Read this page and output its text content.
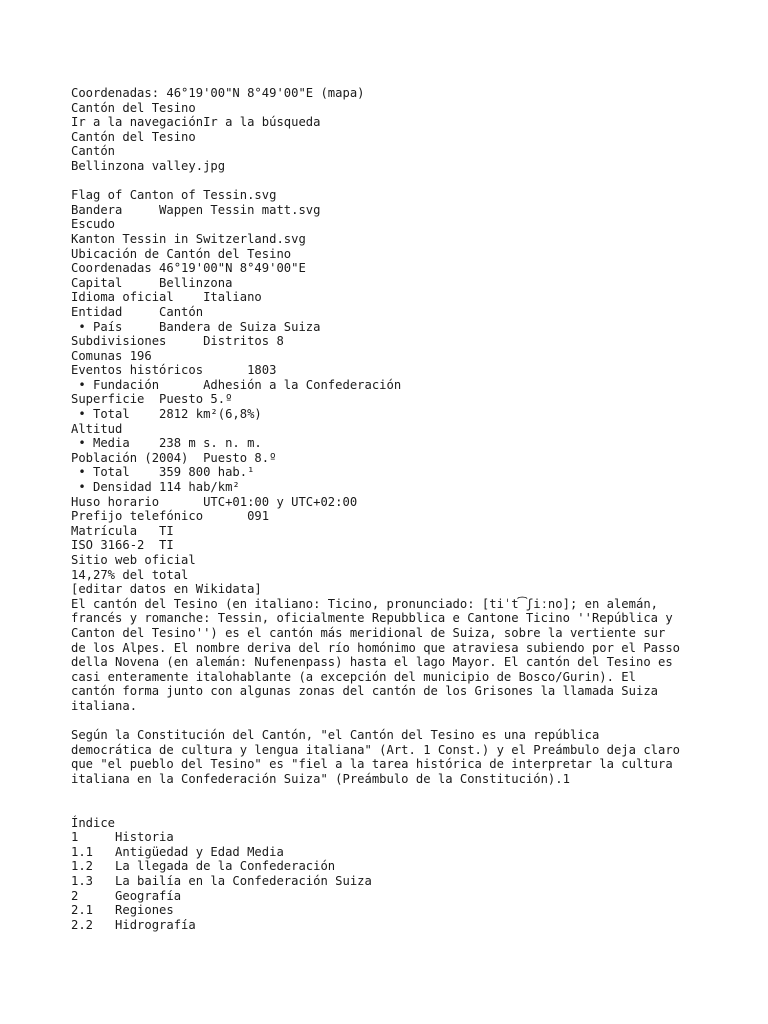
Coordenadas: 46°19'00"N 8°49'00"E (mapa)
Cantón del Tesino
Ir a la navegaciónIr a la búsqueda
Cantón del Tesino
Cantón
Bellinzona valley.jpg
Flag of Canton of Tessin.svg
Bandera     Wappen Tessin matt.svg
Escudo
Kanton Tessin in Switzerland.svg
Ubicación de Cantón del Tesino
Coordenadas 46°19'00"N 8°49'00"E
Capital     Bellinzona
Idioma oficial    Italiano
Entidad     Cantón
• País     Bandera de Suiza Suiza
Subdivisiones     Distritos 8
Comunas 196
Eventos históricos      1803
• Fundación      Adhesión a la Confederación
Superficie  Puesto 5.º
• Total    2812 km²(6,8%)
Altitud
• Media    238 m s. n. m.
Población (2004)  Puesto 8.º
• Total    359 800 hab.¹
• Densidad 114 hab/km²
Huso horario      UTC+01:00 y UTC+02:00
Prefijo telefónico      091
Matrícula   TI
ISO 3166-2  TI
Sitio web oficial
14,27% del total
[editar datos en Wikidata]
El cantón del Tesino (en italiano: Ticino, pronunciado: [tiˈt͡ʃiːno]; en alemán,
francés y romanche: Tessin, oficialmente Repubblica e Cantone Ticino ''República y
Canton del Tesino'') es el cantón más meridional de Suiza, sobre la vertiente sur
de los Alpes. El nombre deriva del río homónimo que atraviesa subiendo por el Passo
della Novena (en alemán: Nufenenpass) hasta el lago Mayor. El cantón del Tesino es
casi enteramente italohablante (a excepción del municipio de Bosco/Gurin). El
cantón forma junto con algunas zonas del cantón de los Grisones la llamada Suiza
italiana.
Según la Constitución del Cantón, "el Cantón del Tesino es una república
democrática de cultura y lengua italiana" (Art. 1 Const.) y el Preámbulo deja claro
que "el pueblo del Tesino" es "fiel a la tarea histórica de interpretar la cultura
italiana en la Confederación Suiza" (Preámbulo de la Constitución).1
Índice
1     Historia
1.1   Antigüedad y Edad Media
1.2   La llegada de la Confederación
1.3   La bailía en la Confederación Suiza
2     Geografía
2.1   Regiones
2.2   Hidrografía
